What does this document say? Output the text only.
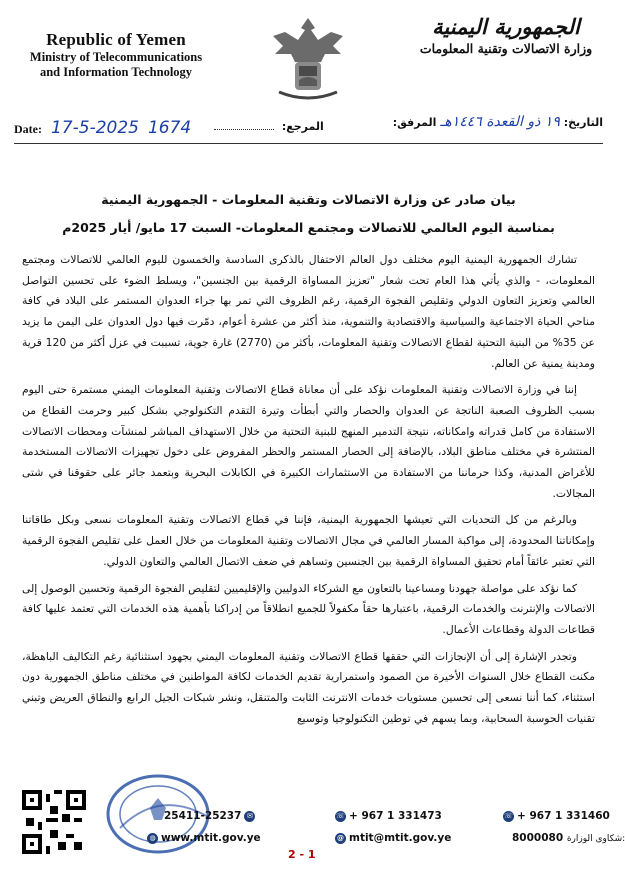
Republic of Yemen
Ministry of Telecommunications
and Information Technology
الجمهورية اليمنية
وزارة الاتصالات وتقنية المعلومات
Date: 17-5-2025 1674	المرجع:	التاريخ: ١٩ ذو القعدة ١٤٤٦هـ المرفق:
بيان صادر عن وزارة الاتصالات وتقنية المعلومات - الجمهورية اليمنية
بمناسبة اليوم العالمي للاتصالات ومجتمع المعلومات- السبت 17 مايو/ أيار 2025م

تشارك الجمهورية اليمنية اليوم مختلف دول العالم الاحتفال بالذكرى السادسة والخمسون لليوم العالمي للاتصالات ومجتمع المعلومات، - والذي يأتي هذا العام تحت شعار "تعزيز المساواة الرقمية بين الجنسين"، ويسلط الضوء على تحسين التواصل العالمي وتعزيز التعاون الدولي وتقليص الفجوة الرقمية، رغم الظروف التي تمر بها جراء العدوان المستمر على البلاد في كافة مناحي الحياة الاجتماعية والسياسية والاقتصادية والتنموية، منذ أكثر من عشرة أعوام، دمّرت فيها دول العدوان على اليمن ما يزيد عن 35% من البنية التحتية لقطاع الاتصالات وتقنية المعلومات، بأكثر من (2770) غارة جوية، تسببت في عزل أكثر من 120 قرية ومدينة يمنية عن العالم.

إننا في وزارة الاتصالات وتقنية المعلومات نؤكد على أن معاناة قطاع الاتصالات وتقنية المعلومات اليمني مستمرة حتى اليوم بسبب الظروف الصعبة الناتجة عن العدوان والحصار والتي أبطأت وتيرة التقدم التكنولوجي بشكل كبير وحرمت القطاع من الاستفادة من كامل قدراته وامكاناته، نتيجة التدمير المنهج للبنية التحتية من خلال الاستهداف المباشر لمنشآت ومحطات الاتصالات المنتشرة في مختلف مناطق البلاد، بالإضافة إلى الحصار المستمر والحظر المفروض على دخول تجهيزات الاتصالات المستخدمة للأغراض المدنية، وكذا حرماننا من الاستفادة من الاستثمارات الكبيرة في الكابلات البحرية وبتعمد جائر على حقوقنا في شتى المجالات.

وبالرغم من كل التحديات التي تعيشها الجمهورية اليمنية، فإننا في قطاع الاتصالات وتقنية المعلومات نسعى وبكل طاقاتنا وإمكاناتنا المحدودة، إلى مواكبة المسار العالمي في مجال الاتصالات وتقنية المعلومات من خلال العمل على تقليص الفجوة الرقمية التي تعتبر عائقاً أمام تحقيق المساواة الرقمية بين الجنسين وتساهم في ضعف الاتصال العالمي والتعاون الدولي.

كما نؤكد على مواصلة جهودنا ومساعينا بالتعاون مع الشركاء الدوليين والإقليميين لتقليص الفجوة الرقمية وتحسين الوصول إلى الاتصالات والإنترنت والخدمات الرقمية، باعتبارها حقاً مكفولاً للجميع انطلاقاً من إدراكنا بأهمية هذه الخدمات التي تعتمد عليها كافة قطاعات الدولة وقطاعات الأعمال.

وتجدر الإشارة إلى أن الإنجازات التي حققها قطاع الاتصالات وتقنية المعلومات اليمني بجهود استثنائية رغم التكاليف الباهظة، مكنت القطاع خلال السنوات الأخيرة من الصمود واستمرارية تقديم الخدمات لكافة المواطنين في مختلف مناطق الجمهورية دون استثناء، كما أننا نسعى إلى تحسين مستويات خدمات الانترنت الثابت والمتنقل، ونشر شبكات الجيل الرابع والنطاق العريض وتبني تقنيات الحوسبة السحابية، وبما يسهم في توطين التكنولوجيا وتوسيع

25411-25237 ✉
◍ www.mtit.gov.ye
☏ + 967 1 331473
@ mtit@mtit.gov.ye
☏ + 967 1 331460
8000080 شكاوى الوزارة:
2 - 1
